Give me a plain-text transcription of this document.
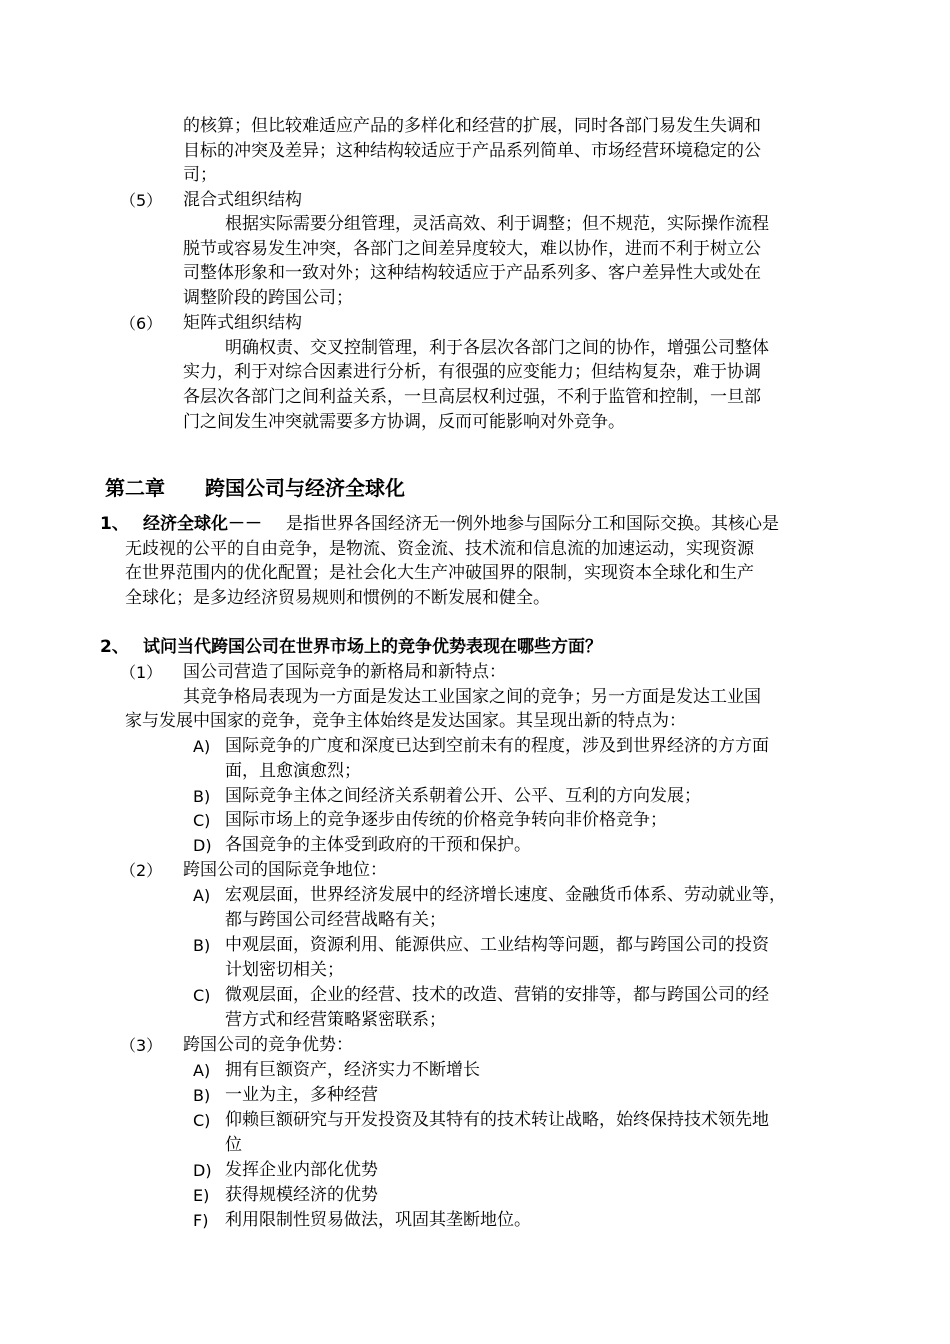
的核算；但比较难适应产品的多样化和经营的扩展，同时各部门易发生失调和
目标的冲突及差异；这种结构较适应于产品系列简单、市场经营环境稳定的公
司；
（5） 混合式组织结构
根据实际需要分组管理，灵活高效、利于调整；但不规范，实际操作流程
脱节或容易发生冲突，各部门之间差异度较大，难以协作，进而不利于树立公
司整体形象和一致对外；这种结构较适应于产品系列多、客户差异性大或处在
调整阶段的跨国公司；
（6） 矩阵式组织结构
明确权责、交叉控制管理，利于各层次各部门之间的协作，增强公司整体
实力，利于对综合因素进行分析，有很强的应变能力；但结构复杂，难于协调
各层次各部门之间利益关系，一旦高层权利过强，不利于监管和控制，一旦部
门之间发生冲突就需要多方协调，反而可能影响对外竞争。
第二章 跨国公司与经济全球化
1、 经济全球化－－ 是指世界各国经济无一例外地参与国际分工和国际交换。其核心是
无歧视的公平的自由竞争，是物流、资金流、技术流和信息流的加速运动，实现资源
在世界范围内的优化配置；是社会化大生产冲破国界的限制，实现资本全球化和生产
全球化；是多边经济贸易规则和惯例的不断发展和健全。
2、 试问当代跨国公司在世界市场上的竞争优势表现在哪些方面？
（1） 国公司营造了国际竞争的新格局和新特点：
其竞争格局表现为一方面是发达工业国家之间的竞争；另一方面是发达工业国
家与发展中国家的竞争，竞争主体始终是发达国家。其呈现出新的特点为：
A) 国际竞争的广度和深度已达到空前未有的程度，涉及到世界经济的方方面
面，且愈演愈烈；
B) 国际竞争主体之间经济关系朝着公开、公平、互利的方向发展；
C) 国际市场上的竞争逐步由传统的价格竞争转向非价格竞争；
D) 各国竞争的主体受到政府的干预和保护。
（2） 跨国公司的国际竞争地位：
A) 宏观层面，世界经济发展中的经济增长速度、金融货币体系、劳动就业等，
都与跨国公司经营战略有关；
B) 中观层面，资源利用、能源供应、工业结构等问题，都与跨国公司的投资
计划密切相关；
C) 微观层面，企业的经营、技术的改造、营销的安排等，都与跨国公司的经
营方式和经营策略紧密联系；
（3） 跨国公司的竞争优势：
A) 拥有巨额资产，经济实力不断增长
B) 一业为主，多种经营
C) 仰赖巨额研究与开发投资及其特有的技术转让战略，始终保持技术领先地
位
D) 发挥企业内部化优势
E) 获得规模经济的优势
F) 利用限制性贸易做法，巩固其垄断地位。
